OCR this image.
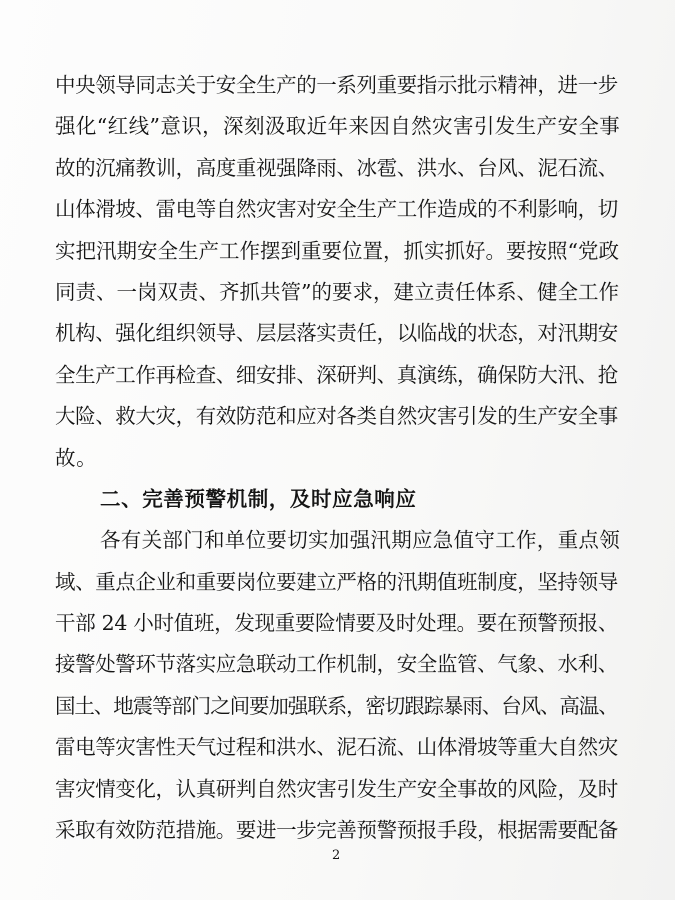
中央领导同志关于安全生产的一系列重要指示批示精神，进一步
强化“红线”意识，深刻汲取近年来因自然灾害引发生产安全事
故的沉痛教训，高度重视强降雨、冰雹、洪水、台风、泥石流、
山体滑坡、雷电等自然灾害对安全生产工作造成的不利影响，切
实把汛期安全生产工作摆到重要位置，抓实抓好。要按照“党政
同责、一岗双责、齐抓共管”的要求，建立责任体系、健全工作
机构、强化组织领导、层层落实责任，以临战的状态，对汛期安
全生产工作再检查、细安排、深研判、真演练，确保防大汛、抢
大险、救大灾，有效防范和应对各类自然灾害引发的生产安全事
故。
二、完善预警机制，及时应急响应
各有关部门和单位要切实加强汛期应急值守工作，重点领
域、重点企业和重要岗位要建立严格的汛期值班制度，坚持领导
干部 24 小时值班，发现重要险情要及时处理。要在预警预报、
接警处警环节落实应急联动工作机制，安全监管、气象、水利、
国土、地震等部门之间要加强联系，密切跟踪暴雨、台风、高温、
雷电等灾害性天气过程和洪水、泥石流、山体滑坡等重大自然灾
害灾情变化，认真研判自然灾害引发生产安全事故的风险，及时
采取有效防范措施。要进一步完善预警预报手段，根据需要配备
2
